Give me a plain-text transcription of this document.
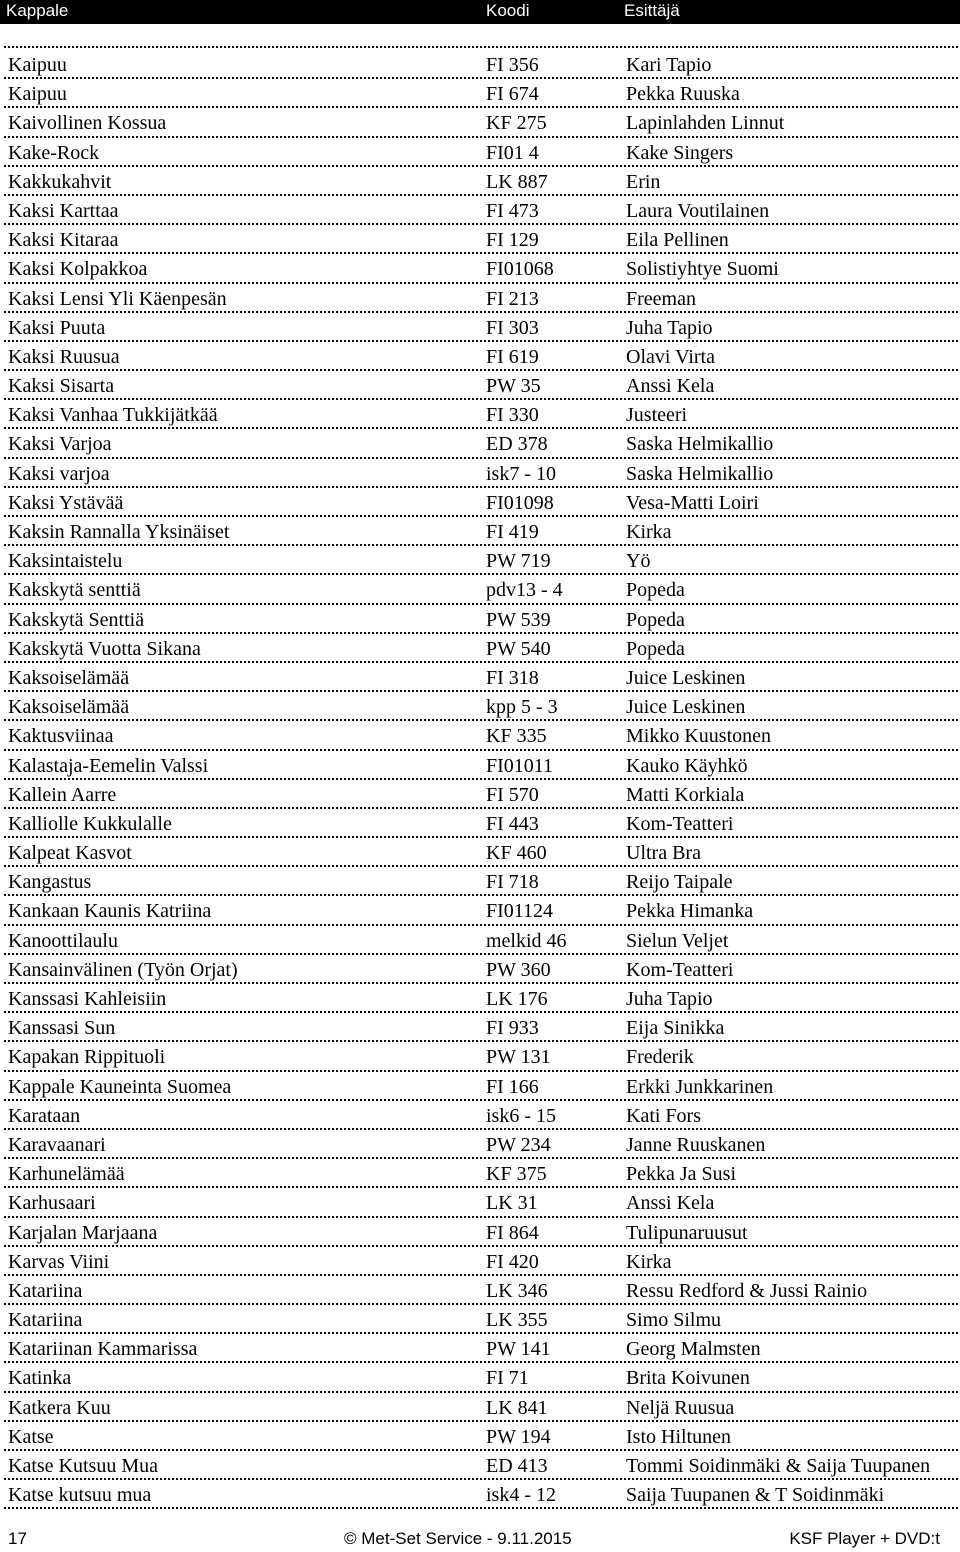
Kappale	Koodi	Esittäjä
Kaipuu	FI 356	Kari Tapio
Kaipuu	FI 674	Pekka Ruuska
Kaivollinen Kossua	KF 275	Lapinlahden Linnut
Kake-Rock	FI01 4	Kake Singers
Kakkukahvit	LK 887	Erin
Kaksi Karttaa	FI 473	Laura Voutilainen
Kaksi Kitaraa	FI 129	Eila Pellinen
Kaksi Kolpakkoa	FI01068	Solistiyhtye Suomi
Kaksi Lensi Yli Käenpesän	FI 213	Freeman
Kaksi Puuta	FI 303	Juha Tapio
Kaksi Ruusua	FI 619	Olavi Virta
Kaksi Sisarta	PW 35	Anssi Kela
Kaksi Vanhaa Tukkijätkää	FI 330	Justeeri
Kaksi Varjoa	ED 378	Saska Helmikallio
Kaksi varjoa	isk7 - 10	Saska Helmikallio
Kaksi Ystävää	FI01098	Vesa-Matti Loiri
Kaksin Rannalla Yksinäiset	FI 419	Kirka
Kaksintaistelu	PW 719	Yö
Kakskytä senttiä	pdv13 - 4	Popeda
Kakskytä Senttiä	PW 539	Popeda
Kakskytä Vuotta Sikana	PW 540	Popeda
Kaksoiselämää	FI 318	Juice Leskinen
Kaksoiselämää	kpp 5 - 3	Juice Leskinen
Kaktusviinaa	KF 335	Mikko Kuustonen
Kalastaja-Eemelin Valssi	FI01011	Kauko Käyhkö
Kallein Aarre	FI 570	Matti Korkiala
Kalliolle Kukkulalle	FI 443	Kom-Teatteri
Kalpeat Kasvot	KF 460	Ultra Bra
Kangastus	FI 718	Reijo Taipale
Kankaan Kaunis Katriina	FI01124	Pekka Himanka
Kanoottilaulu	melkid 46	Sielun Veljet
Kansainvälinen (Työn Orjat)	PW 360	Kom-Teatteri
Kanssasi Kahleisiin	LK 176	Juha Tapio
Kanssasi Sun	FI 933	Eija Sinikka
Kapakan Rippituoli	PW 131	Frederik
Kappale Kauneinta Suomea	FI 166	Erkki Junkkarinen
Karataan	isk6 - 15	Kati Fors
Karavaanari	PW 234	Janne Ruuskanen
Karhunelämää	KF 375	Pekka Ja Susi
Karhusaari	LK 31	Anssi Kela
Karjalan Marjaana	FI 864	Tulipunaruusut
Karvas Viini	FI 420	Kirka
Katariina	LK 346	Ressu Redford & Jussi Rainio
Katariina	LK 355	Simo Silmu
Katariinan Kammarissa	PW 141	Georg Malmsten
Katinka	FI 71	Brita Koivunen
Katkera Kuu	LK 841	Neljä Ruusua
Katse	PW 194	Isto Hiltunen
Katse Kutsuu Mua	ED 413	Tommi Soidinmäki & Saija Tuupanen
Katse kutsuu mua	isk4 - 12	Saija Tuupanen & T Soidinmäki
17	© Met-Set Service - 9.11.2015	KSF Player + DVD:t
